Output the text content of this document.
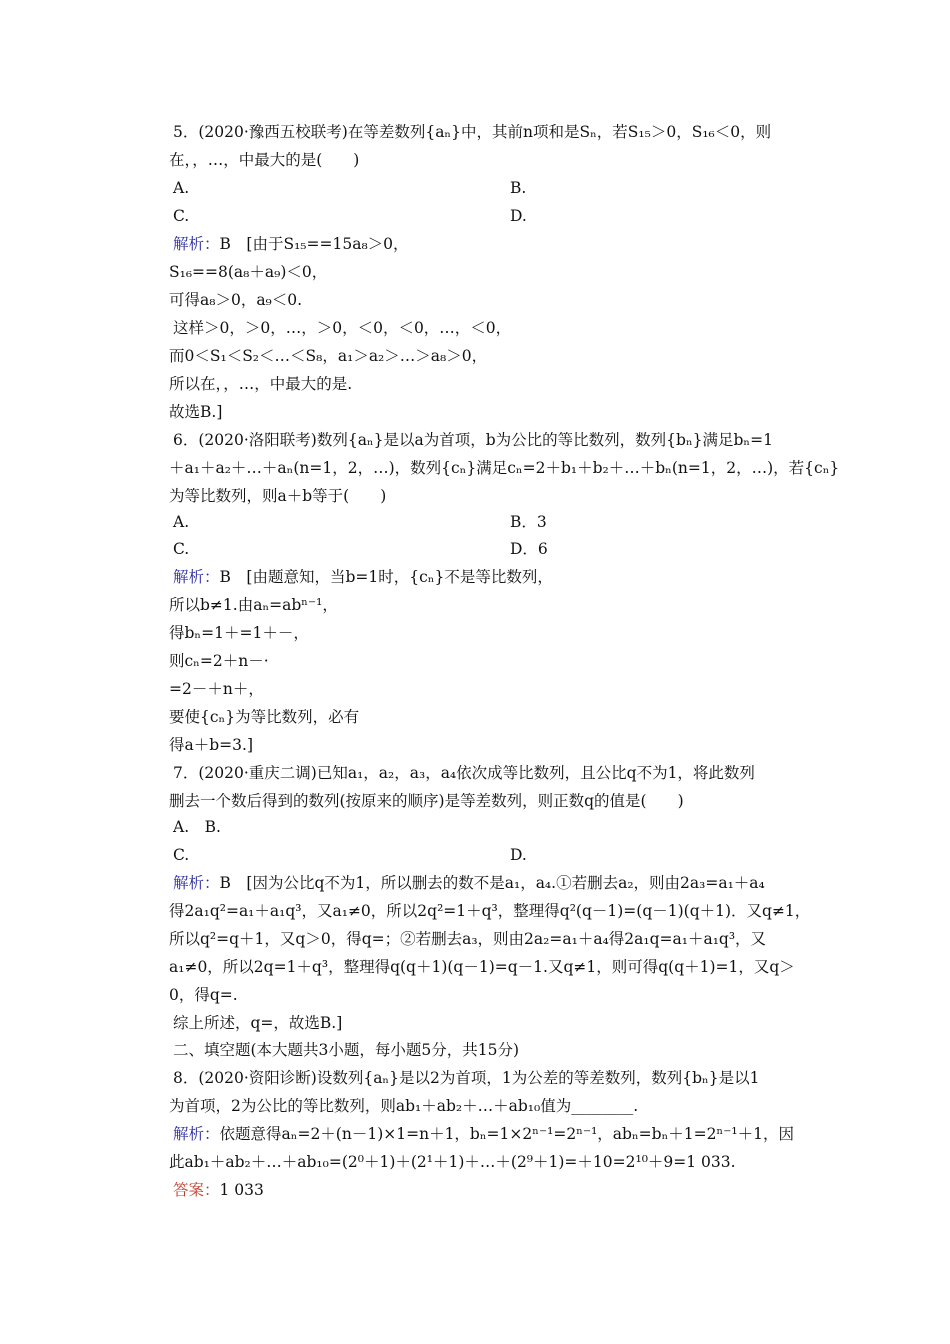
5．(2020·豫西五校联考)在等差数列{aₙ}中，其前n项和是Sₙ，若S₁₅＞0，S₁₆＜0，则
在，，…，中最大的是(　　)
A.	B.
C.	D.
解析：B　[由于S₁₅==15a₈＞0，
S₁₆==8(a₈＋a₉)＜0，
可得a₈＞0，a₉＜0.
这样＞0，＞0，…，＞0，＜0，＜0，…，＜0，
而0＜S₁＜S₂＜…＜S₈，a₁＞a₂＞…＞a₈＞0，
所以在，，…，中最大的是.
故选B.]
6．(2020·洛阳联考)数列{aₙ}是以a为首项，b为公比的等比数列，数列{bₙ}满足bₙ=1
＋a₁＋a₂＋…＋aₙ(n=1，2，…)，数列{cₙ}满足cₙ=2＋b₁＋b₂＋…＋bₙ(n=1，2，…)，若{cₙ}
为等比数列，则a＋b等于(　　)
A.	B．3
C.	D．6
解析：B　[由题意知，当b=1时，{cₙ}不是等比数列，
所以b≠1.由aₙ=abⁿ⁻¹，
得bₙ=1＋=1＋－，
则cₙ=2＋n－·
=2－＋n＋，
要使{cₙ}为等比数列，必有
得a＋b=3.]
7．(2020·重庆二调)已知a₁，a₂，a₃，a₄依次成等比数列，且公比q不为1，将此数列
删去一个数后得到的数列(按原来的顺序)是等差数列，则正数q的值是(　　)
A.　B.
C.	D.
解析：B　[因为公比q不为1，所以删去的数不是a₁，a₄.①若删去a₂，则由2a₃=a₁＋a₄
得2a₁q²=a₁＋a₁q³，又a₁≠0，所以2q²=1＋q³，整理得q²(q－1)=(q－1)(q＋1)．又q≠1，
所以q²=q＋1，又q＞0，得q=；②若删去a₃，则由2a₂=a₁＋a₄得2a₁q=a₁＋a₁q³，又
a₁≠0，所以2q=1＋q³，整理得q(q＋1)(q－1)=q－1.又q≠1，则可得q(q＋1)=1，又q＞
0，得q=.
综上所述，q=，故选B.]
二、填空题(本大题共3小题，每小题5分，共15分)
8．(2020·资阳诊断)设数列{aₙ}是以2为首项，1为公差的等差数列，数列{bₙ}是以1
为首项，2为公比的等比数列，则ab₁＋ab₂＋…＋ab₁₀值为________.
解析：依题意得aₙ=2＋(n－1)×1=n＋1，bₙ=1×2ⁿ⁻¹=2ⁿ⁻¹，abₙ=bₙ＋1=2ⁿ⁻¹＋1，因
此ab₁＋ab₂＋…＋ab₁₀=(2⁰＋1)＋(2¹＋1)＋…＋(2⁹＋1)=＋10=2¹⁰＋9=1 033.
答案：1 033
